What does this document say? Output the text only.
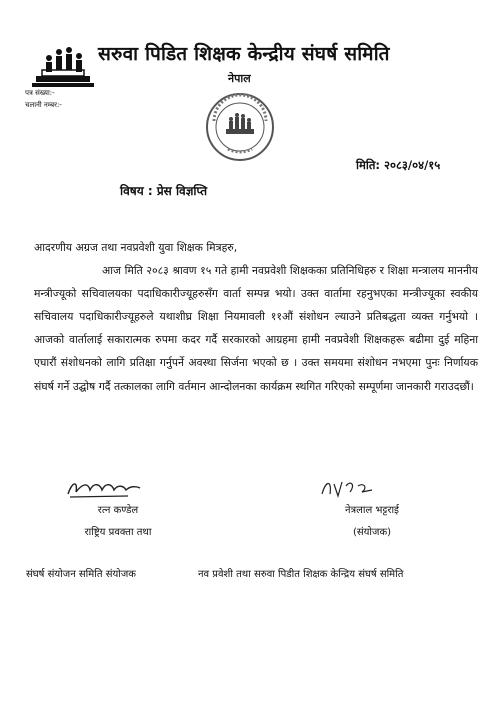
सरुवा पिडित शिक्षक केन्द्रीय संघर्ष समिति
नेपाल
पत्र संख्या:-
चलानी नम्बर:-
मिति: २०८३/०४/१५
विषय : प्रेस विज्ञप्ति

आदरणीय अग्रज तथा नवप्रवेशी युवा शिक्षक मित्रहरु,

आज मिति २०८३ श्रावण १५ गते हामी नवप्रवेशी शिक्षकका प्रतिनिधिहरु र शिक्षा मन्त्रालय माननीय मन्त्रीज्यूको सचिवालयका पदाधिकारीज्यूहरुसँग वार्ता सम्पन्न भयो। उक्त वार्तामा रहनुभएका मन्त्रीज्यूका स्वकीय सचिवालय पदाधिकारीज्यूहरुले यथाशीघ्र शिक्षा नियमावली ११औं संशोधन ल्याउने प्रतिबद्धता व्यक्त गर्नुभयो । आजको वार्तालाई सकारात्मक रुपमा कदर गर्दै सरकारको आग्रहमा हामी नवप्रवेशी शिक्षकहरू बढीमा दुई महिना एघारौं संशोधनको लागि प्रतिक्षा गर्नुपर्ने अवस्था सिर्जना भएको छ । उक्त समयमा संशोधन नभएमा पुनः निर्णायक संघर्ष गर्ने उद्घोष गर्दै तत्कालका लागि वर्तमान आन्दोलनका कार्यक्रम स्थगित गरिएको सम्पूर्णमा जानकारी गराउदछौं।

रत्न कण्डेल
राष्ट्रिय प्रवक्ता तथा
नेत्रलाल भट्टराई
(संयोजक)
संघर्ष संयोजन समिति संयोजक	नव प्रवेशी तथा सरुवा पिडीत शिक्षक केन्द्रिय संघर्ष समिति
